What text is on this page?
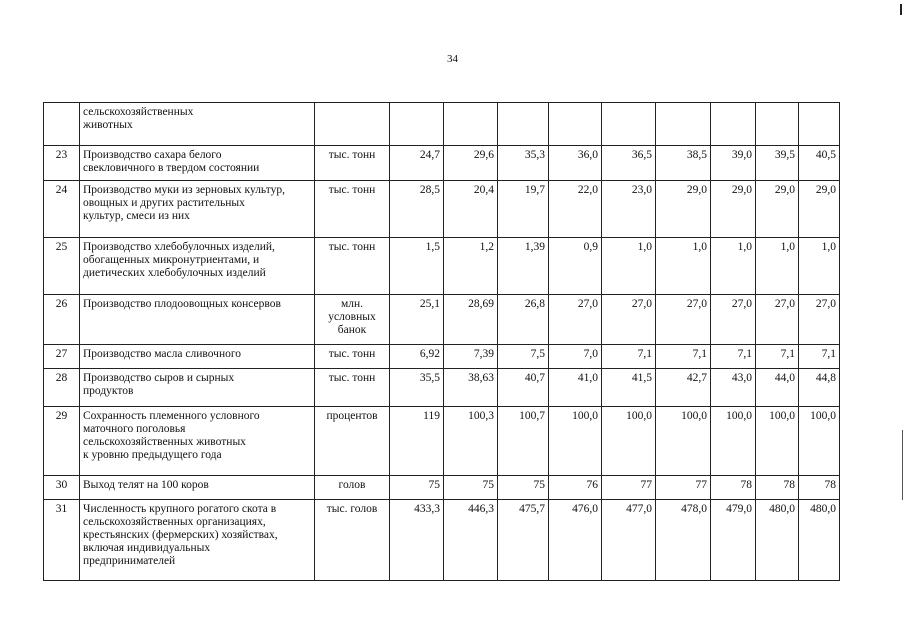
34
	сельскохозяйственных
животных										
23	Производство сахара белого
свекловичного в твердом состоянии	тыс. тонн	24,7	29,6	35,3	36,0	36,5	38,5	39,0	39,5	40,5
24	Производство муки из зерновых культур,
овощных и других растительных
культур, смеси из них	тыс. тонн	28,5	20,4	19,7	22,0	23,0	29,0	29,0	29,0	29,0
25	Производство хлебобулочных изделий,
обогащенных микронутриентами, и
диетических хлебобулочных изделий	тыс. тонн	1,5	1,2	1,39	0,9	1,0	1,0	1,0	1,0	1,0
26	Производство плодоовощных консервов	млн.
условных
банок	25,1	28,69	26,8	27,0	27,0	27,0	27,0	27,0	27,0
27	Производство масла сливочного	тыс. тонн	6,92	7,39	7,5	7,0	7,1	7,1	7,1	7,1	7,1
28	Производство сыров и сырных
продуктов	тыс. тонн	35,5	38,63	40,7	41,0	41,5	42,7	43,0	44,0	44,8
29	Сохранность племенного условного
маточного поголовья
сельскохозяйственных животных
к уровню предыдущего года	процентов	119	100,3	100,7	100,0	100,0	100,0	100,0	100,0	100,0
30	Выход телят на 100 коров	голов	75	75	75	76	77	77	78	78	78
31	Численность крупного рогатого скота в
сельскохозяйственных организациях,
крестьянских (фермерских) хозяйствах,
включая индивидуальных
предпринимателей	тыс. голов	433,3	446,3	475,7	476,0	477,0	478,0	479,0	480,0	480,0
